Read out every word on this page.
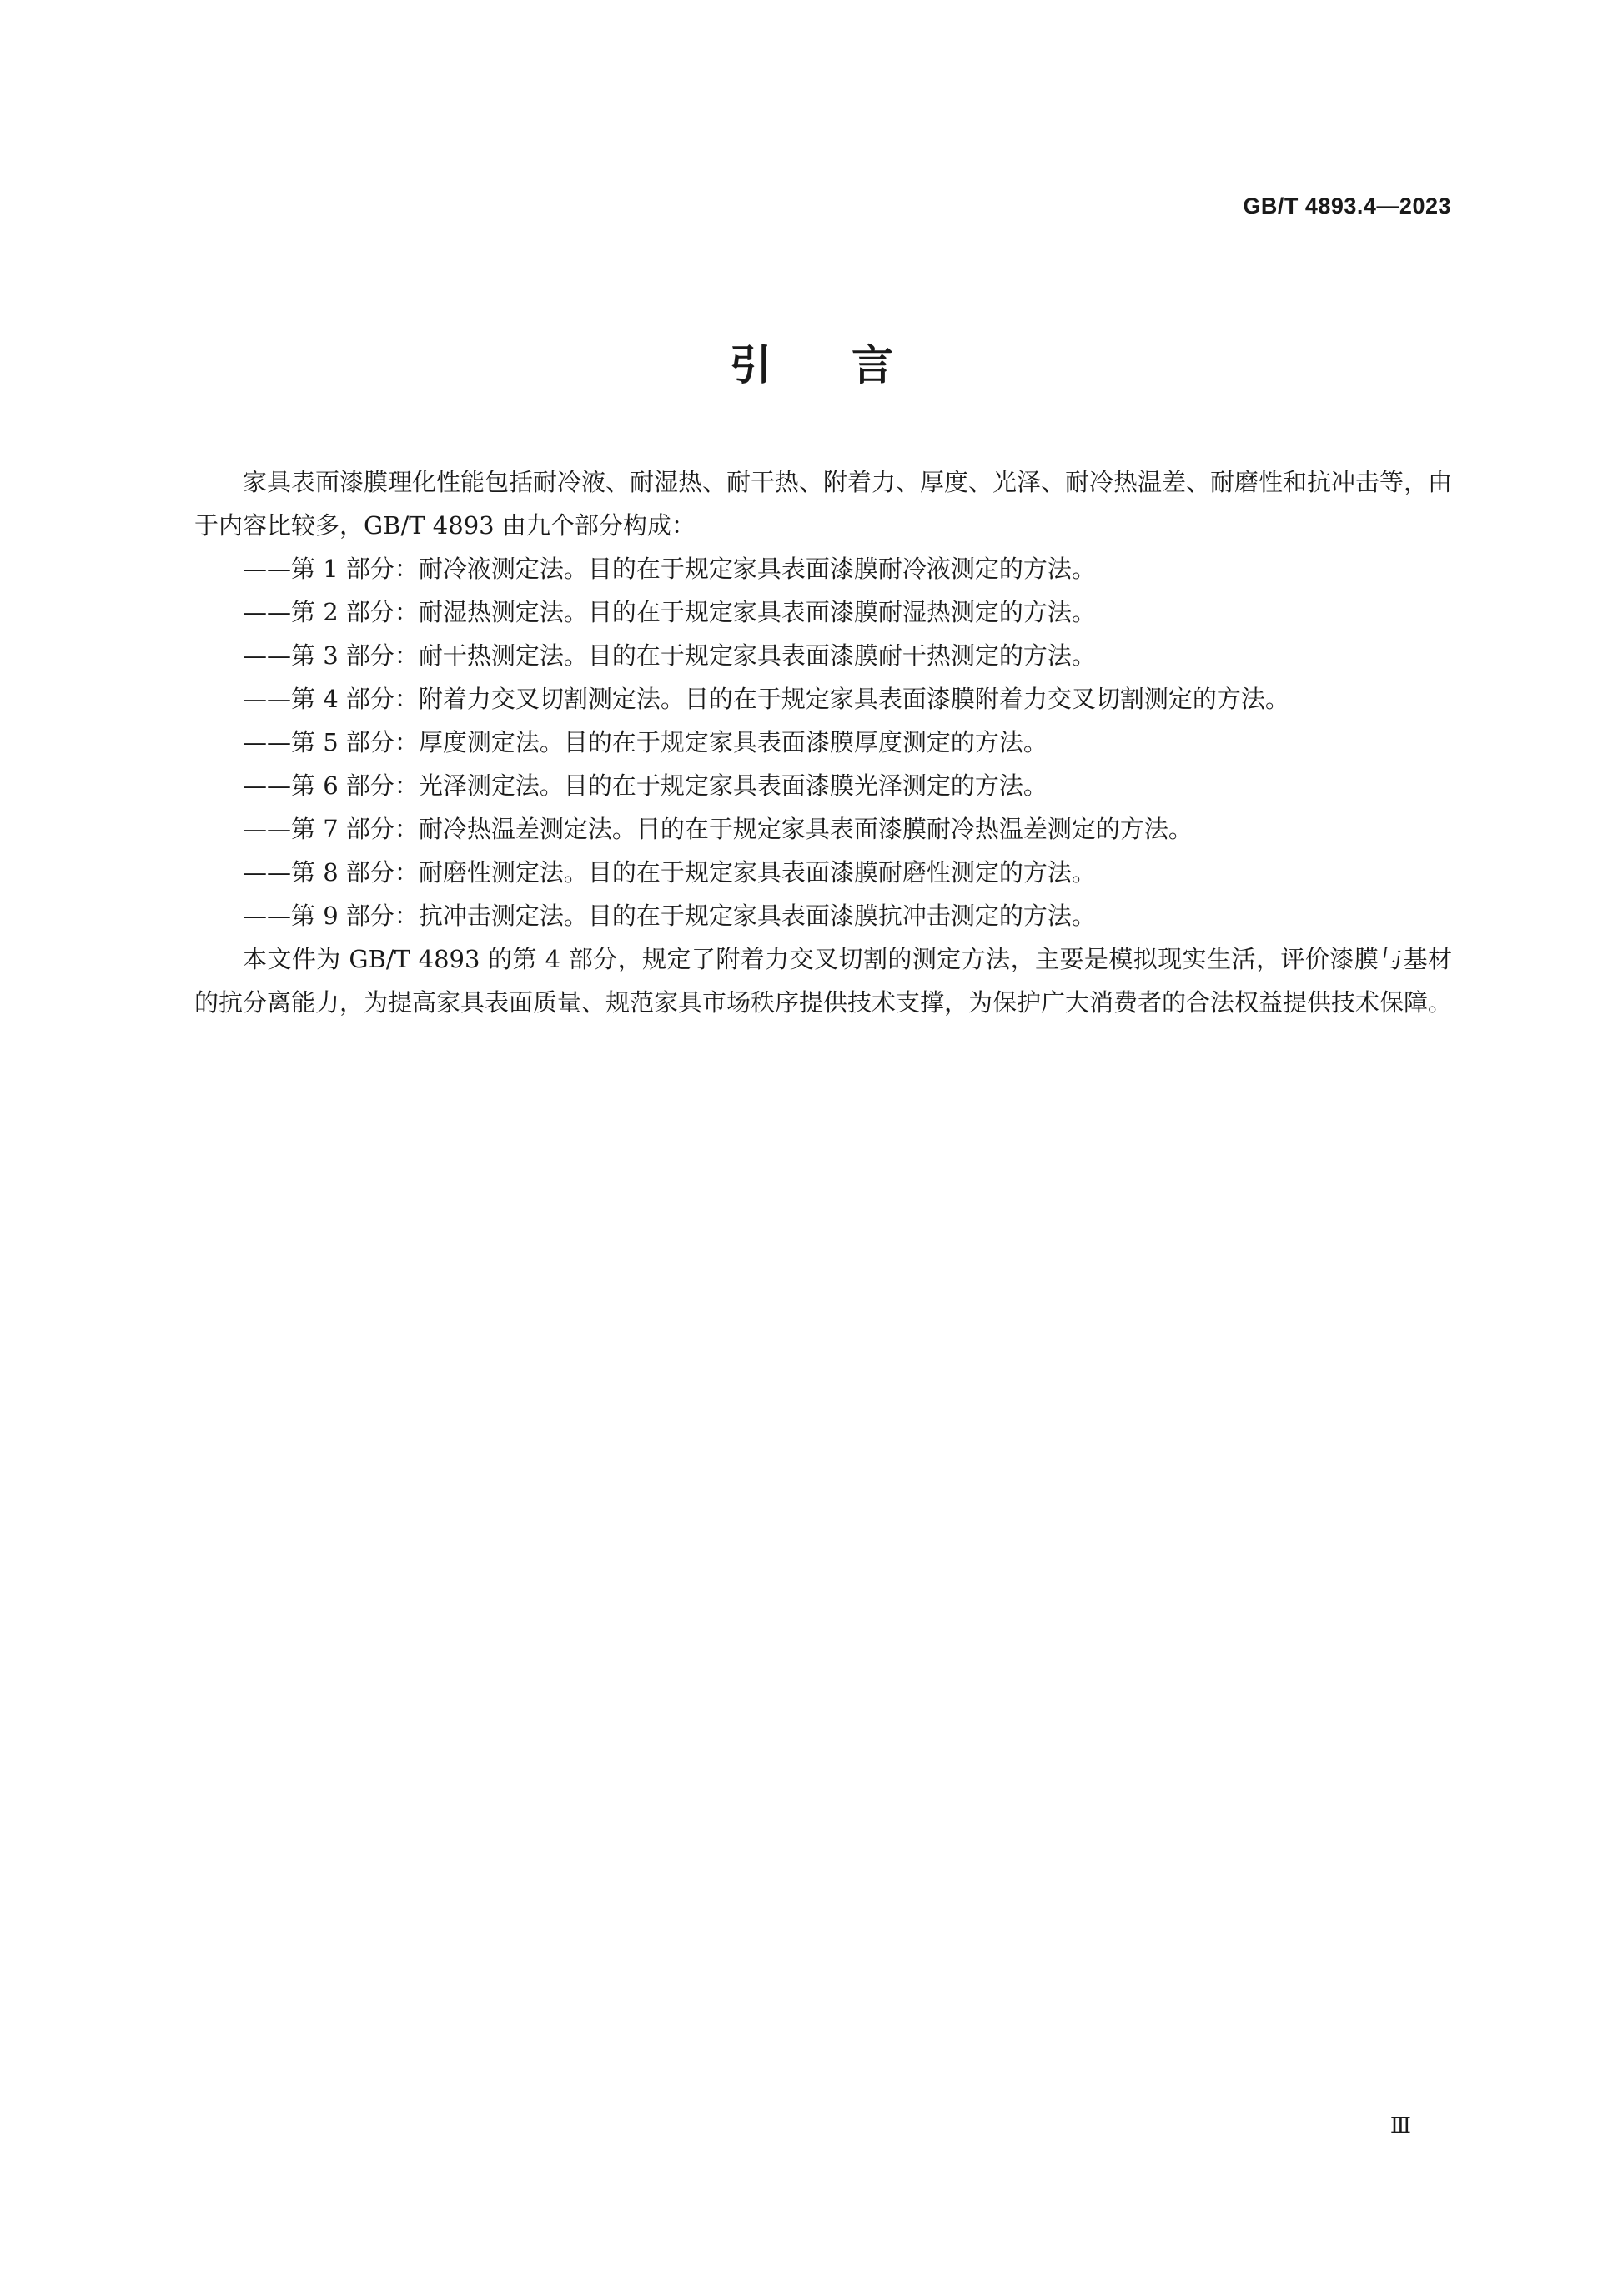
GB/T 4893.4—2023
引言

家具表面漆膜理化性能包括耐冷液、耐湿热、耐干热、附着力、厚度、光泽、耐冷热温差、耐磨性和抗冲击等，由于内容比较多，GB/T 4893 由九个部分构成：

——第 1 部分：耐冷液测定法。目的在于规定家具表面漆膜耐冷液测定的方法。
——第 2 部分：耐湿热测定法。目的在于规定家具表面漆膜耐湿热测定的方法。
——第 3 部分：耐干热测定法。目的在于规定家具表面漆膜耐干热测定的方法。
——第 4 部分：附着力交叉切割测定法。目的在于规定家具表面漆膜附着力交叉切割测定的方法。
——第 5 部分：厚度测定法。目的在于规定家具表面漆膜厚度测定的方法。
——第 6 部分：光泽测定法。目的在于规定家具表面漆膜光泽测定的方法。
——第 7 部分：耐冷热温差测定法。目的在于规定家具表面漆膜耐冷热温差测定的方法。
——第 8 部分：耐磨性测定法。目的在于规定家具表面漆膜耐磨性测定的方法。
——第 9 部分：抗冲击测定法。目的在于规定家具表面漆膜抗冲击测定的方法。

本文件为 GB/T 4893 的第 4 部分，规定了附着力交叉切割的测定方法，主要是模拟现实生活，评价漆膜与基材的抗分离能力，为提高家具表面质量、规范家具市场秩序提供技术支撑，为保护广大消费者的合法权益提供技术保障。

Ⅲ
